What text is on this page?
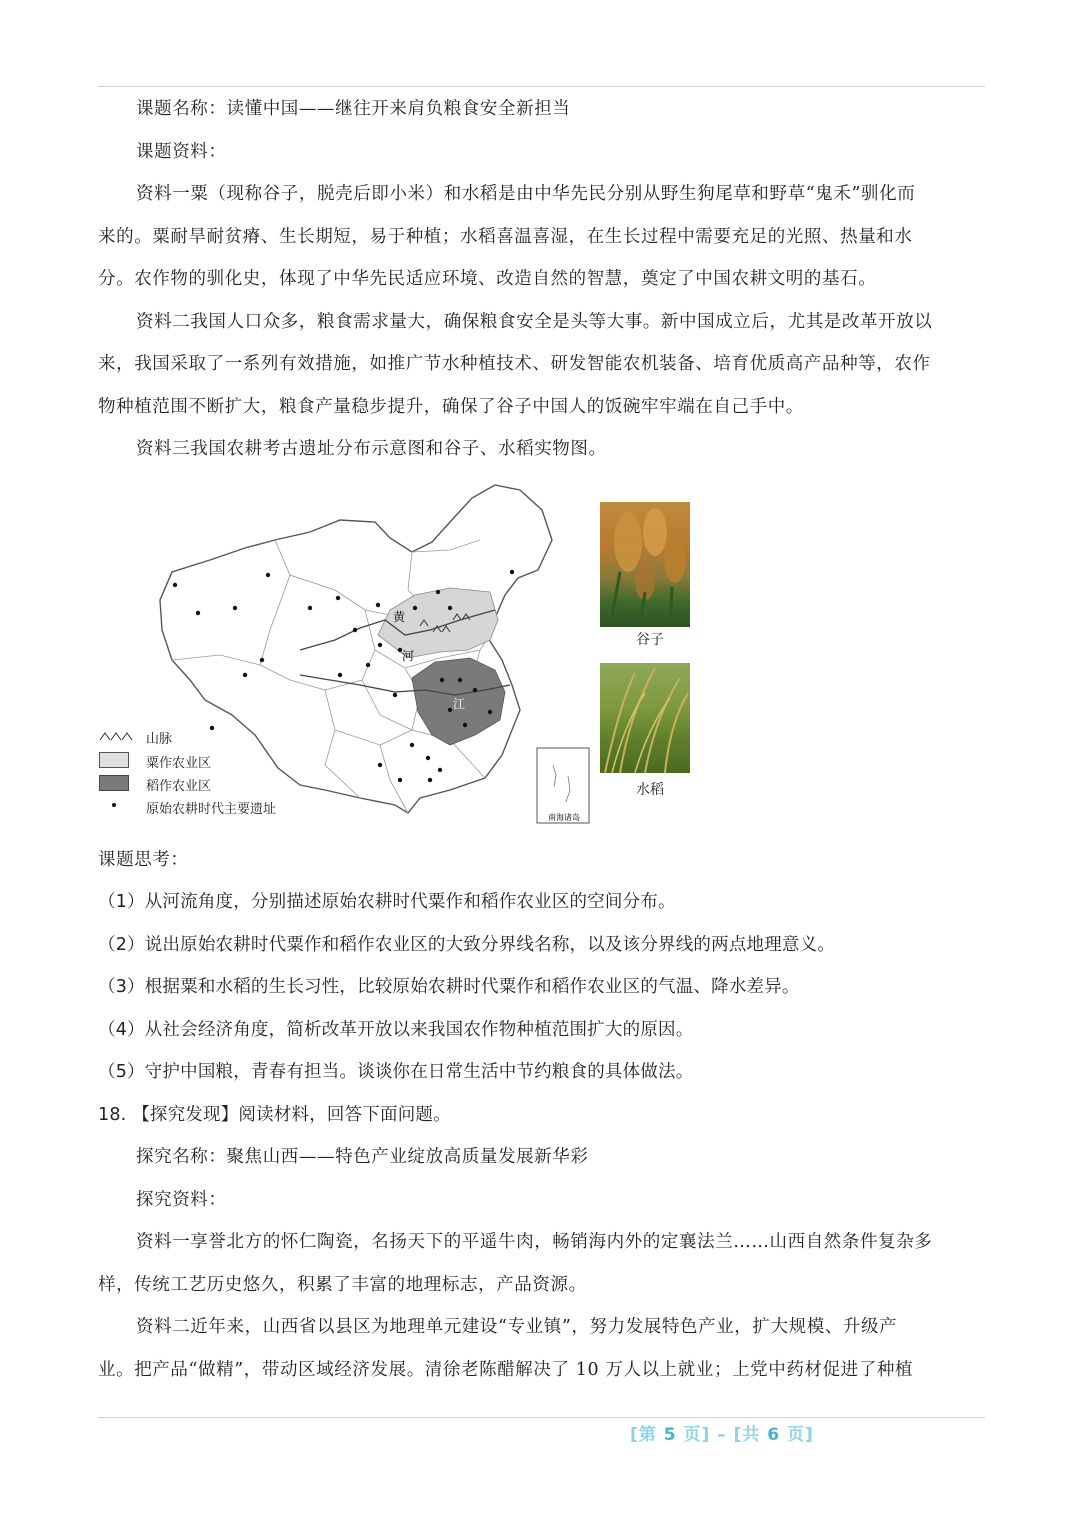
课题名称：读懂中国——继往开来肩负粮食安全新担当
课题资料：
资料一粟（现称谷子，脱壳后即小米）和水稻是由中华先民分别从野生狗尾草和野草“鬼禾”驯化而
来的。粟耐旱耐贫瘠、生长期短，易于种植；水稻喜温喜湿，在生长过程中需要充足的光照、热量和水
分。农作物的驯化史，体现了中华先民适应环境、改造自然的智慧，奠定了中国农耕文明的基石。
资料二我国人口众多，粮食需求量大，确保粮食安全是头等大事。新中国成立后，尤其是改革开放以
来，我国采取了一系列有效措施，如推广节水种植技术、研发智能农机装备、培育优质高产品种等，农作
物种植范围不断扩大，粮食产量稳步提升，确保了谷子中国人的饭碗牢牢端在自己手中。
资料三我国农耕考古遗址分布示意图和谷子、水稻实物图。
黄
河
江
南海诸岛
山脉
粟作农业区
稻作农业区
原始农耕时代主要遗址
谷子
水稻
课题思考：
（1）从河流角度，分别描述原始农耕时代粟作和稻作农业区的空间分布。
（2）说出原始农耕时代粟作和稻作农业区的大致分界线名称，以及该分界线的两点地理意义。
（3）根据粟和水稻的生长习性，比较原始农耕时代粟作和稻作农业区的气温、降水差异。
（4）从社会经济角度，简析改革开放以来我国农作物种植范围扩大的原因。
（5）守护中国粮，青春有担当。谈谈你在日常生活中节约粮食的具体做法。
18. 【探究发现】阅读材料，回答下面问题。
探究名称：聚焦山西——特色产业绽放高质量发展新华彩
探究资料：
资料一享誉北方的怀仁陶瓷，名扬天下的平遥牛肉，畅销海内外的定襄法兰……山西自然条件复杂多
样，传统工艺历史悠久，积累了丰富的地理标志，产品资源。
资料二近年来，山西省以县区为地理单元建设“专业镇”，努力发展特色产业，扩大规模、升级产
业。把产品“做精”，带动区域经济发展。清徐老陈醋解决了 10 万人以上就业；上党中药材促进了种植
[第 5 页] – [共 6 页]
